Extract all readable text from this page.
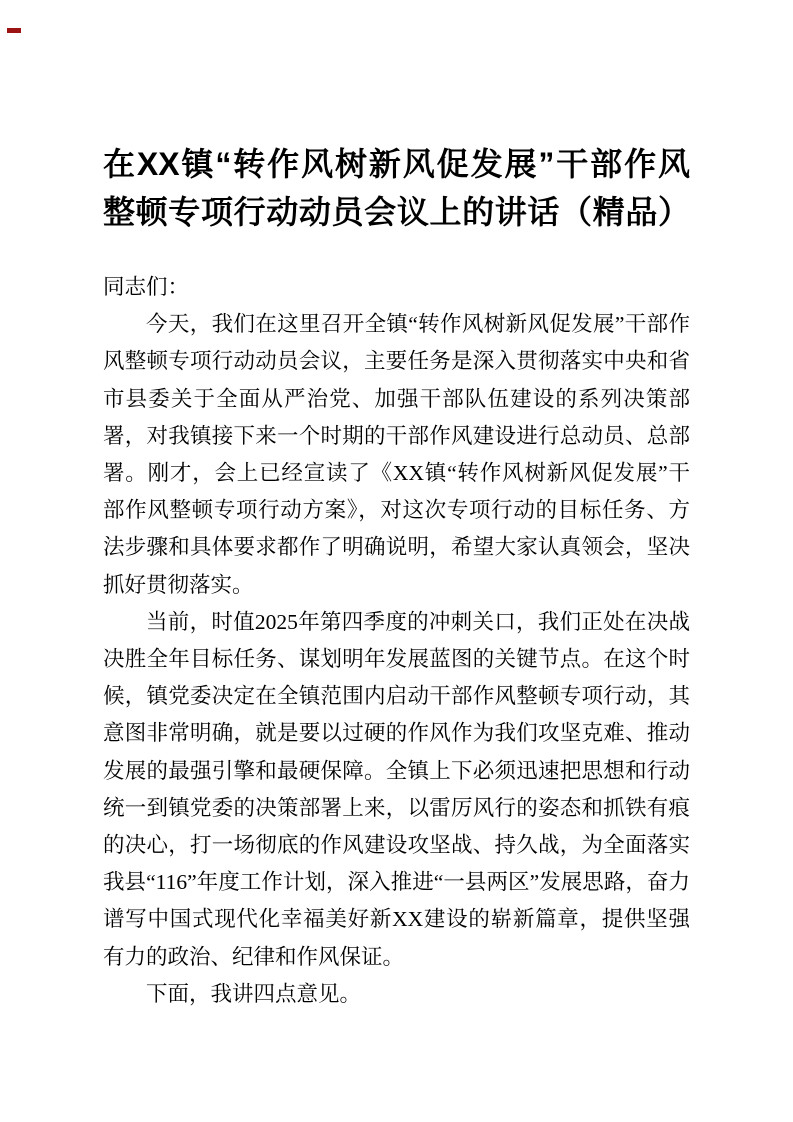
在XX镇“转作风树新风促发展”干部作风
整顿专项行动动员会议上的讲话（精品）

同志们：

今天，我们在这里召开全镇“转作风树新风促发展”干部作风整顿专项行动动员会议，主要任务是深入贯彻落实中央和省市县委关于全面从严治党、加强干部队伍建设的系列决策部署，对我镇接下来一个时期的干部作风建设进行总动员、总部署。刚才，会上已经宣读了《XX镇“转作风树新风促发展”干部作风整顿专项行动方案》，对这次专项行动的目标任务、方法步骤和具体要求都作了明确说明，希望大家认真领会，坚决抓好贯彻落实。

当前，时值2025年第四季度的冲刺关口，我们正处在决战决胜全年目标任务、谋划明年发展蓝图的关键节点。在这个时候，镇党委决定在全镇范围内启动干部作风整顿专项行动，其意图非常明确，就是要以过硬的作风作为我们攻坚克难、推动发展的最强引擎和最硬保障。全镇上下必须迅速把思想和行动统一到镇党委的决策部署上来，以雷厉风行的姿态和抓铁有痕的决心，打一场彻底的作风建设攻坚战、持久战，为全面落实我县“116”年度工作计划，深入推进“一县两区”发展思路，奋力谱写中国式现代化幸福美好新XX建设的崭新篇章，提供坚强有力的政治、纪律和作风保证。

下面，我讲四点意见。
